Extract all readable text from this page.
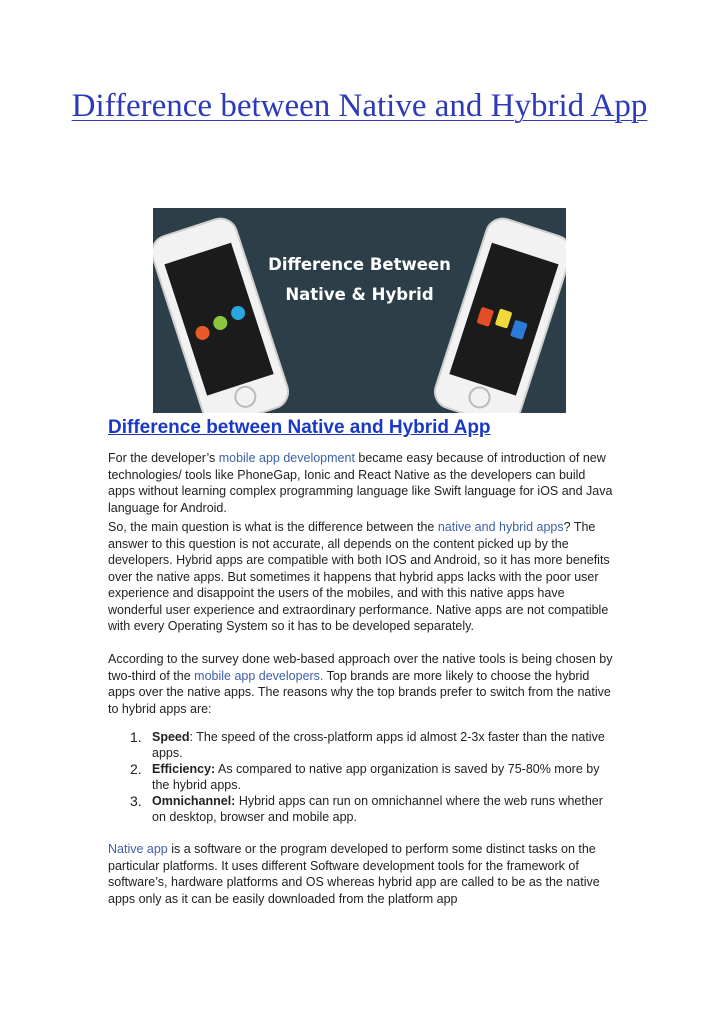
Difference between Native and Hybrid App
Difference Between
Native & Hybrid
Difference between Native and Hybrid App

For the developer’s mobile app development became easy because of introduction of new technologies/ tools like PhoneGap, Ionic and React Native as the developers can build apps without learning complex programming language like Swift language for iOS and Java language for Android.

So, the main question is what is the difference between the native and hybrid apps? The answer to this question is not accurate, all depends on the content picked up by the developers. Hybrid apps are compatible with both IOS and Android, so it has more benefits over the native apps. But sometimes it happens that hybrid apps lacks with the poor user experience and disappoint the users of the mobiles, and with this native apps have wonderful user experience and extraordinary performance. Native apps are not compatible with every Operating System so it has to be developed separately.

According to the survey done web-based approach over the native tools is being chosen by two-third of the mobile app developers. Top brands are more likely to choose the hybrid apps over the native apps. The reasons why the top brands prefer to switch from the native to hybrid apps are:

1. Speed: The speed of the cross-platform apps id almost 2-3x faster than the native apps.
2. Efficiency: As compared to native app organization is saved by 75-80% more by the hybrid apps.
3. Omnichannel: Hybrid apps can run on omnichannel where the web runs whether on desktop, browser and mobile app.

Native app is a software or the program developed to perform some distinct tasks on the particular platforms. It uses different Software development tools for the framework of software’s, hardware platforms and OS whereas hybrid app are called to be as the native apps only as it can be easily downloaded from the platform app
